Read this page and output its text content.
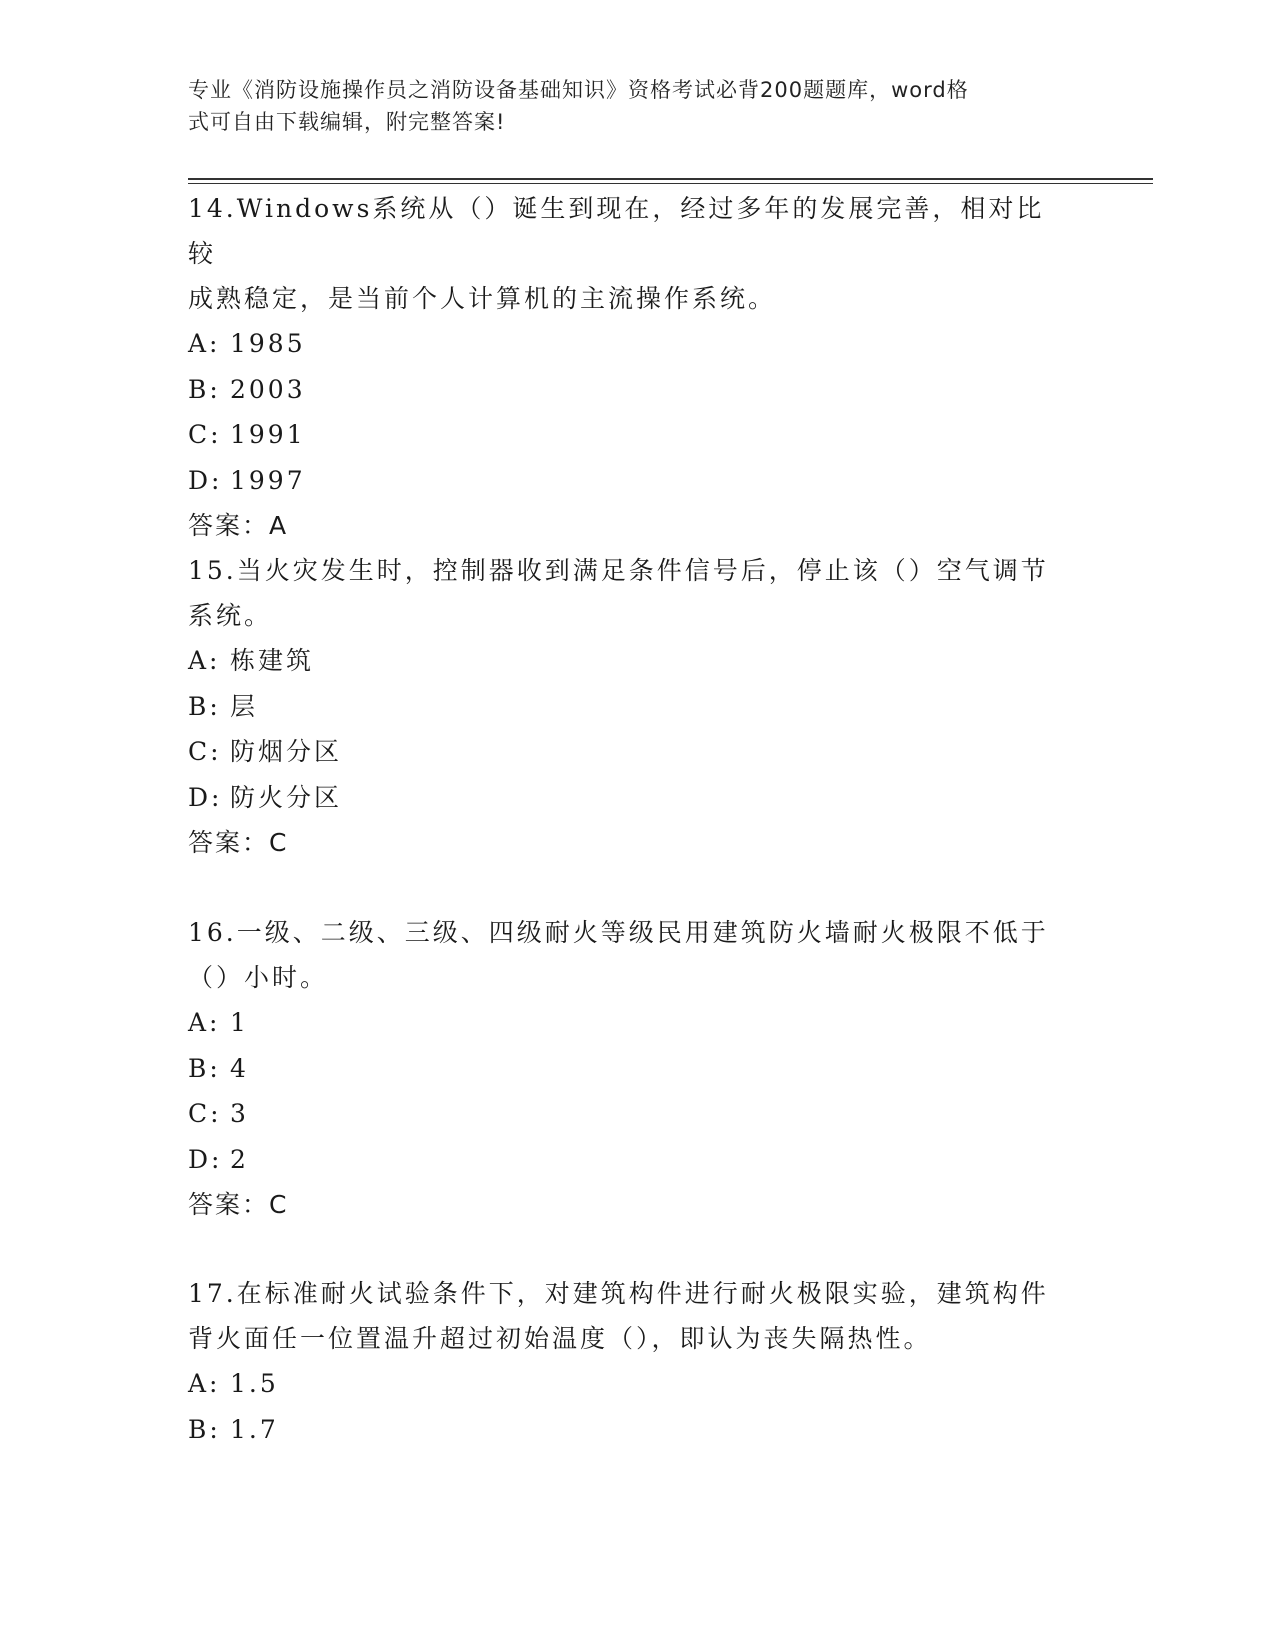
专业《消防设施操作员之消防设备基础知识》资格考试必背200题题库，word格
式可自由下载编辑，附完整答案!

14.Windows系统从（）诞生到现在，经过多年的发展完善，相对比较

成熟稳定，是当前个人计算机的主流操作系统。

A: 1985

B: 2003

C: 1991

D: 1997

答案：A

15.当火灾发生时，控制器收到满足条件信号后，停止该（）空气调节

系统。

A: 栋建筑

B: 层

C: 防烟分区

D: 防火分区

答案：C

16.一级、二级、三级、四级耐火等级民用建筑防火墙耐火极限不低于

（）小时。

A: 1

B: 4

C: 3

D: 2

答案：C

17.在标准耐火试验条件下，对建筑构件进行耐火极限实验，建筑构件

背火面任一位置温升超过初始温度（），即认为丧失隔热性。

A: 1.5

B: 1.7
